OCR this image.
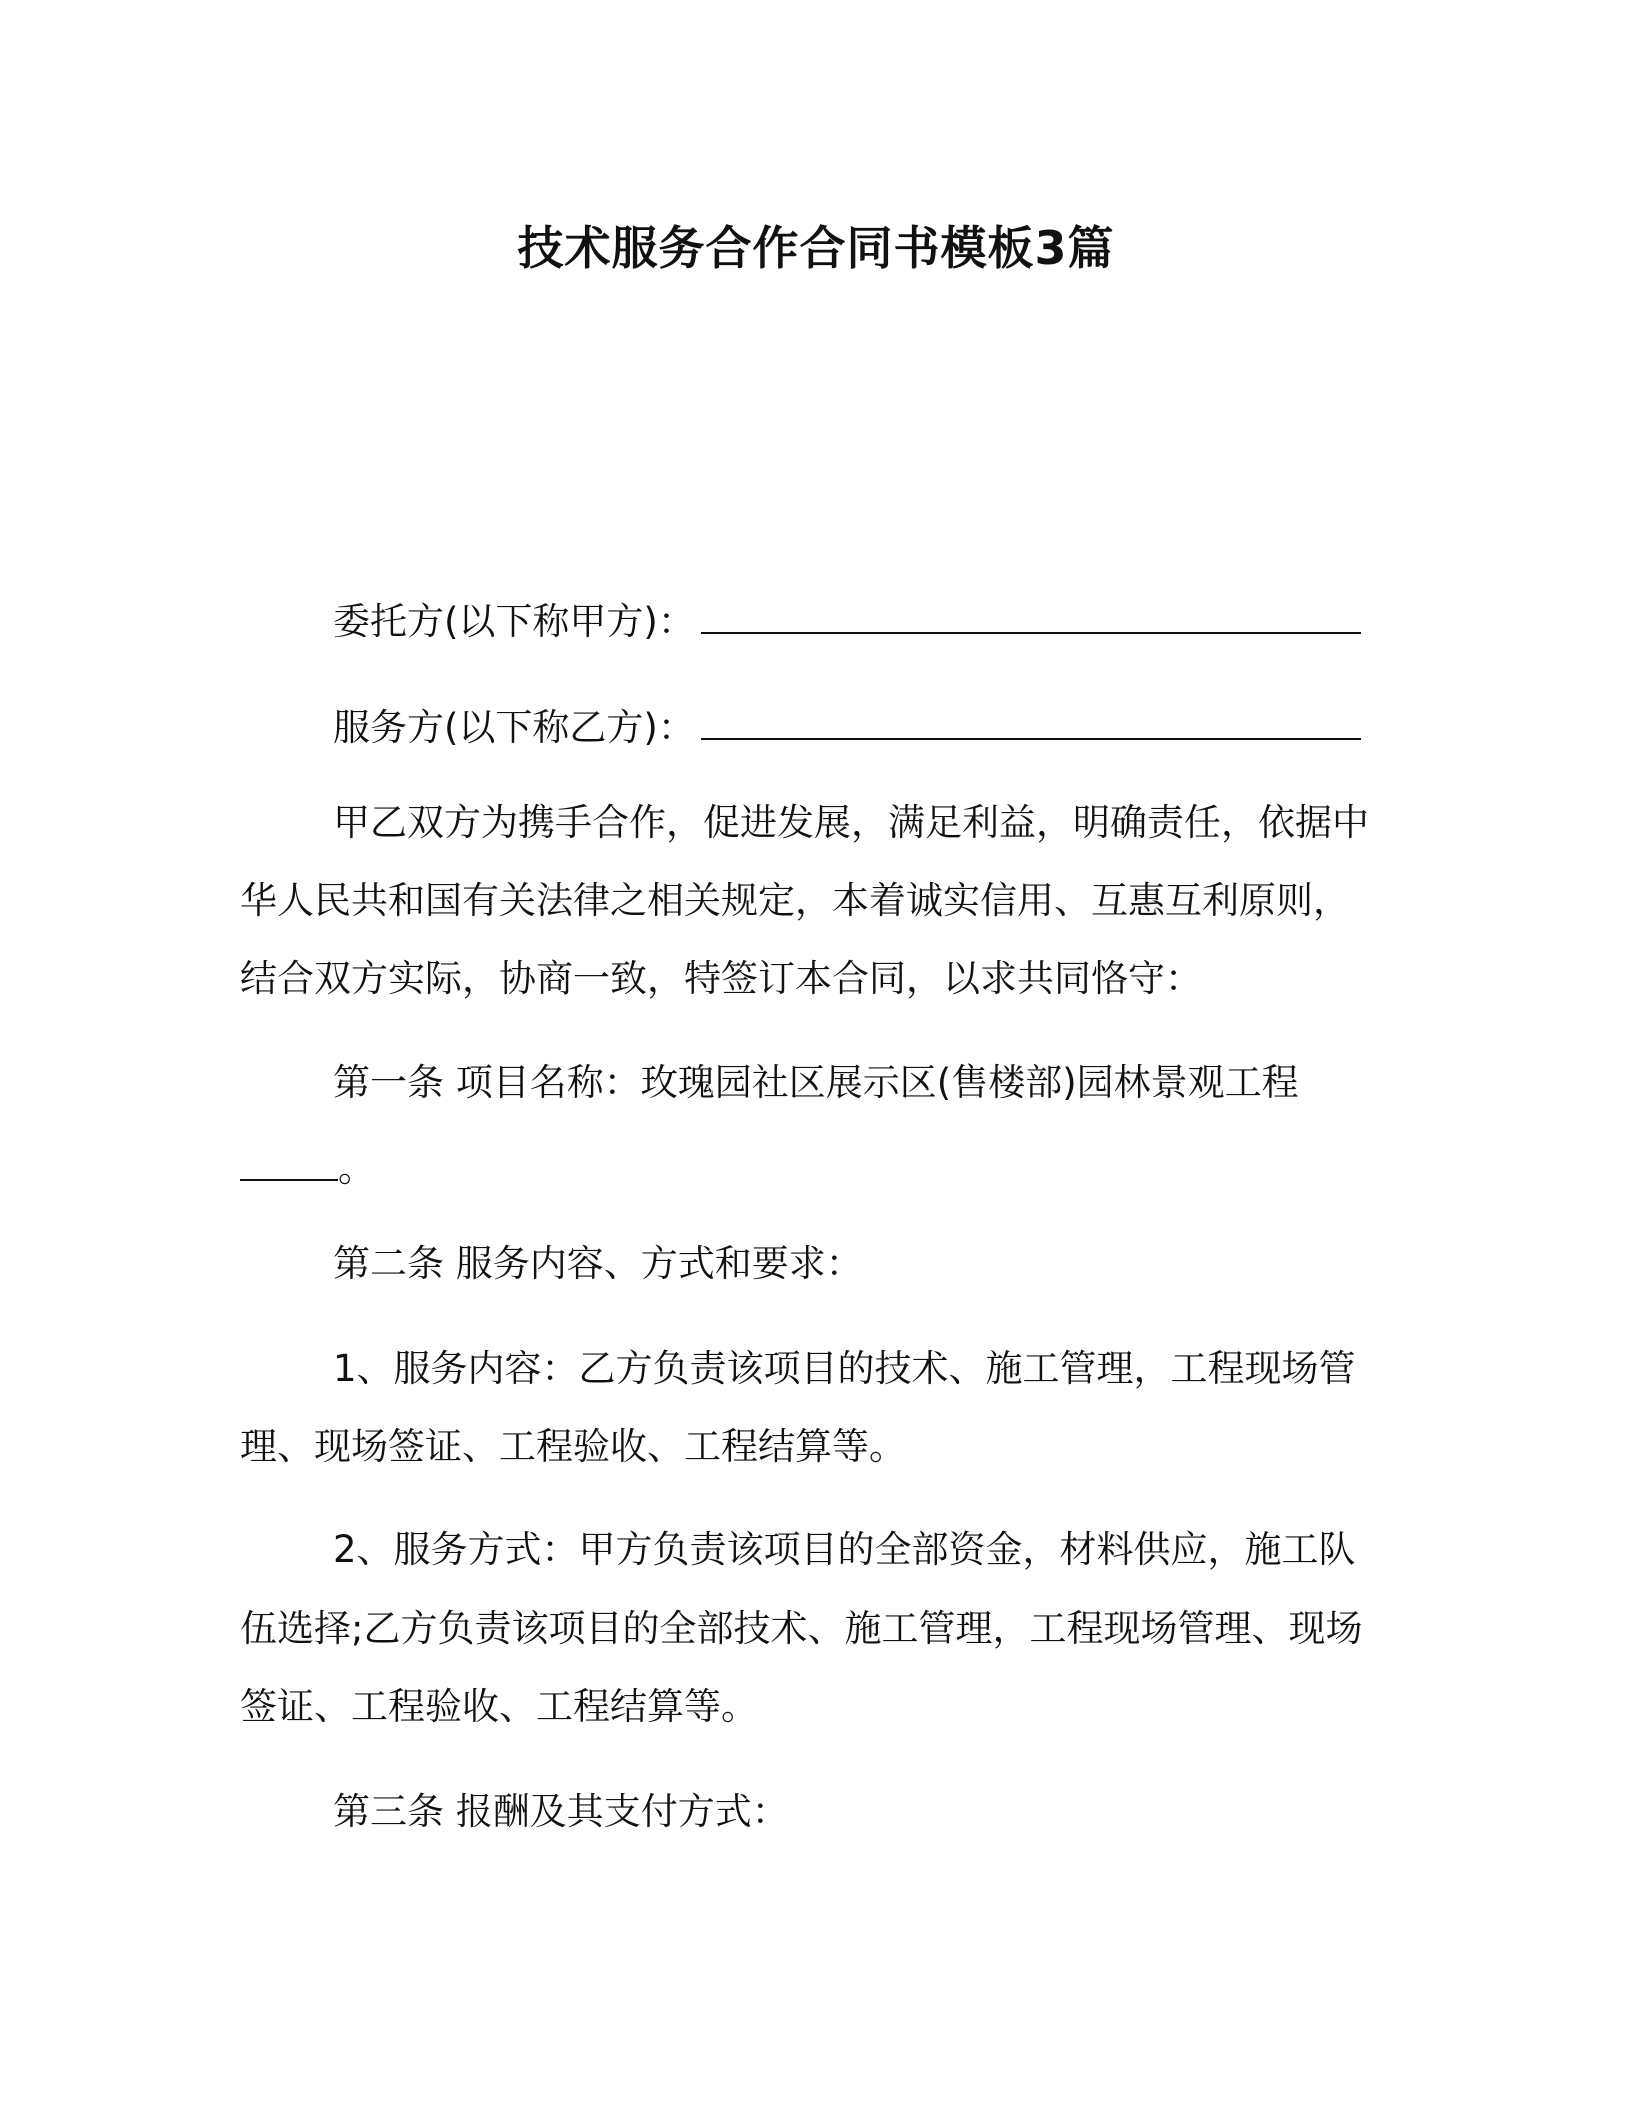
技术服务合作合同书模板3篇
委托方(以下称甲方)：
服务方(以下称乙方)：
甲乙双方为携手合作，促进发展，满足利益，明确责任，依据中
华人民共和国有关法律之相关规定，本着诚实信用、互惠互利原则，
结合双方实际，协商一致，特签订本合同，以求共同恪守：
第一条 项目名称：玫瑰园社区展示区(售楼部)园林景观工程
。
第二条 服务内容、方式和要求：
1、服务内容：乙方负责该项目的技术、施工管理，工程现场管
理、现场签证、工程验收、工程结算等。
2、服务方式：甲方负责该项目的全部资金，材料供应，施工队
伍选择;乙方负责该项目的全部技术、施工管理，工程现场管理、现场
签证、工程验收、工程结算等。
第三条 报酬及其支付方式：
